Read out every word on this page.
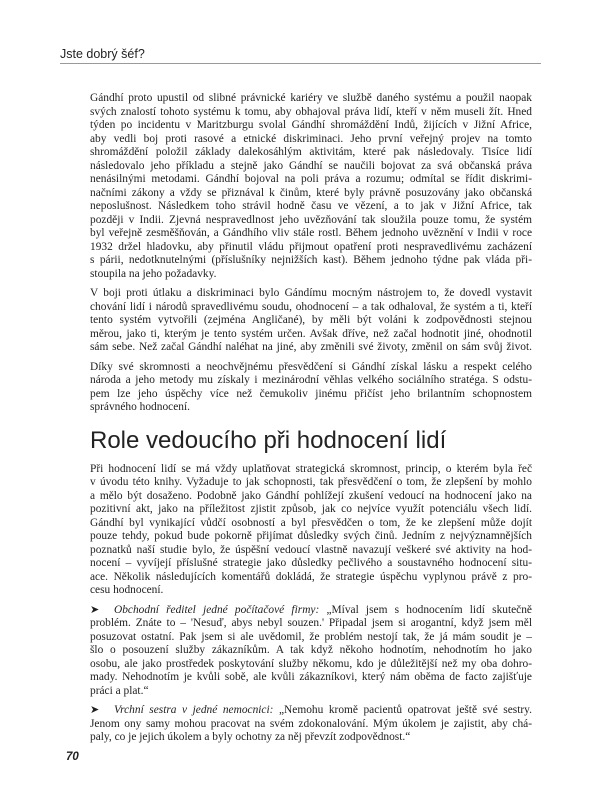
Jste dobrý šéf?
Gándhí proto upustil od slibné právnické kariéry ve službě daného systému a použil naopak
svých znalostí tohoto systému k tomu, aby obhajoval práva lidí, kteří v něm museli žít. Hned
týden po incidentu v Maritzburgu svolal Gándhí shromáždění Indů, žijících v Jižní Africe,
aby vedli boj proti rasové a etnické diskriminaci. Jeho první veřejný projev na tomto
shromáždění položil základy dalekosáhlým aktivitám, které pak následovaly. Tisíce lidí
následovalo jeho příkladu a stejně jako Gándhí se naučili bojovat za svá občanská práva
nenásilnými metodami. Gándhí bojoval na poli práva a rozumu; odmítal se řídit diskrimi-
načními zákony a vždy se přiznával k činům, které byly právně posuzovány jako občanská
neposlušnost. Následkem toho strávil hodně času ve vězení, a to jak v Jižní Africe, tak
později v Indii. Zjevná nespravedlnost jeho uvězňování tak sloužila pouze tomu, že systém
byl veřejně zesměšňován, a Gándhího vliv stále rostl. Během jednoho uvěznění v Indii v roce
1932 držel hladovku, aby přinutil vládu přijmout opatření proti nespravedlivému zacházení
s párii, nedotknutelnými (příslušníky nejnižších kast). Během jednoho týdne pak vláda při-
stoupila na jeho požadavky.
V boji proti útlaku a diskriminaci bylo Gándímu mocným nástrojem to, že dovedl vystavit
chování lidí i národů spravedlivému soudu, ohodnocení – a tak odhaloval, že systém a ti, kteří
tento systém vytvořili (zejména Angličané), by měli být voláni k zodpovědnosti stejnou
měrou, jako ti, kterým je tento systém určen. Avšak dříve, než začal hodnotit jiné, ohodnotil
sám sebe. Než začal Gándhí naléhat na jiné, aby změnili své životy, změnil on sám svůj život.
Díky své skromnosti a neochvějnému přesvědčení si Gándhí získal lásku a respekt celého
národa a jeho metody mu získaly i mezinárodní věhlas velkého sociálního stratéga. S odstu-
pem lze jeho úspěchy více než čemukoliv jinému přičíst jeho brilantním schopnostem
správného hodnocení.
Role vedoucího při hodnocení lidí
Při hodnocení lidí se má vždy uplatňovat strategická skromnost, princip, o kterém byla řeč
v úvodu této knihy. Vyžaduje to jak schopnosti, tak přesvědčení o tom, že zlepšení by mohlo
a mělo být dosaženo. Podobně jako Gándhí pohlížejí zkušení vedoucí na hodnocení jako na
pozitivní akt, jako na příležitost zjistit způsob, jak co nejvíce využít potenciálu všech lidí.
Gándhí byl vynikající vůdčí osobností a byl přesvědčen o tom, že ke zlepšení může dojít
pouze tehdy, pokud bude pokorně přijímat důsledky svých činů. Jedním z nejvýznamnějších
poznatků naší studie bylo, že úspěšní vedoucí vlastně navazují veškeré své aktivity na hod-
nocení – vyvíjejí příslušné strategie jako důsledky pečlivého a soustavného hodnocení situ-
ace. Několik následujících komentářů dokládá, že strategie úspěchu vyplynou právě z pro-
cesu hodnocení.
➤ Obchodní ředitel jedné počítačové firmy: „Míval jsem s hodnocením lidí skutečně
problém. Znáte to – 'Nesuď, abys nebyl souzen.' Připadal jsem si arogantní, když jsem měl
posuzovat ostatní. Pak jsem si ale uvědomil, že problém nestojí tak, že já mám soudit je –
šlo o posouzení služby zákazníkům. A tak když někoho hodnotím, nehodnotím ho jako
osobu, ale jako prostředek poskytování služby někomu, kdo je důležitější než my oba dohro-
mady. Nehodnotím je kvůli sobě, ale kvůli zákazníkovi, který nám oběma de facto zajišťuje
práci a plat.“
➤ Vrchní sestra v jedné nemocnici: „Nemohu kromě pacientů opatrovat ještě své sestry.
Jenom ony samy mohou pracovat na svém zdokonalování. Mým úkolem je zajistit, aby chá-
paly, co je jejich úkolem a byly ochotny za něj převzít zodpovědnost.“
70
